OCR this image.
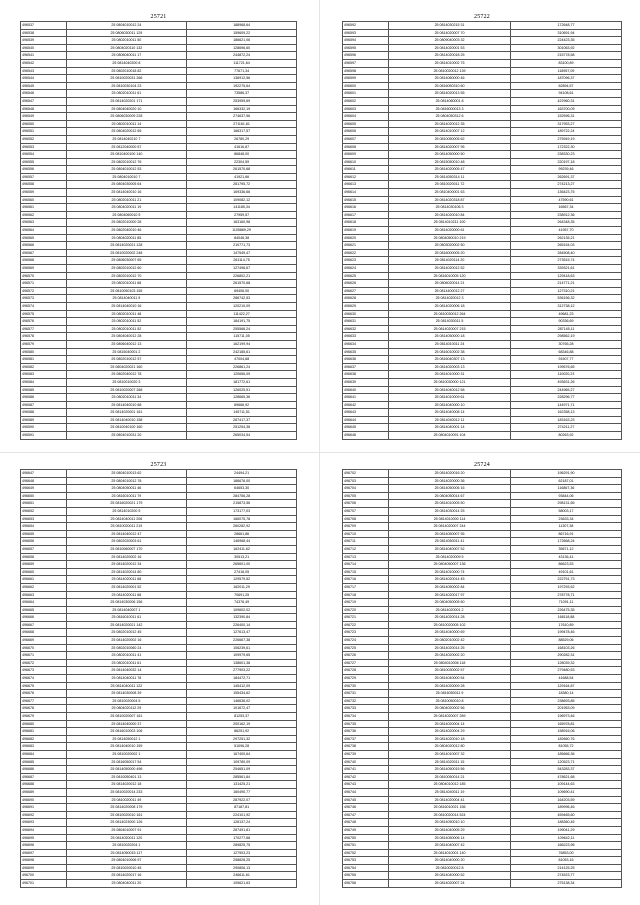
25721
496537	25 0804010012 24	188968,64
496538	25 0806030011 129	159609,22
496539	25 0802010011 50	186621,06
496540	25 0804020110 132	128696,60
496541	25 0806040011 17	244872,24
496542	25 0814040200 8	111721,64
496543	25 0802010018 82	77671,34
496544	25 0810020031 266	136912,56
496545	25 0810030104 23	192275,64
496546	25 0802010011 61	73586,37
496547	25 0814020201 171	253959,69
496548	25 0804040020 10	166332,19
496549	25 0806030009 228	274637,56
496550	25 0802010011 14	271161,61
496551	25 0804020012 65	166317,57
496552	25 0814040210 7	26780,29
496553	25 0812040000 57	41616,87
496554	25 0810400100 140	86848,00
496555	25 0802010012 76	22304,59
496556	25 0804010012 53	261570,68
496557	25 0804010010 7	41921,66
496558	25 0804030005 64	281795,72
496559	25 0814040010 16	169336,66
496560	25 0802010011 21	109082,12
496561	25 0804020011 19	141185,34
496562	25 0804060010 5	27959,57
496563	25 0802010000 28	163160,98
496564	25 0802040010 46	1105869,29
496565	25 0804020011 85	84046,38
496566	25 0814020021 128	210771,73
496567	25 0810020002 248	147549,47
496568	25 0806030007 65	261114,75
496569	25 0802010012 60	127496,67
496570	25 0802010012 70	226802,21
496571	25 0802010011 68	261570,68
496572	25 0810050103 155	69406,00
496573	25 0814040011 9	286742,53
496574	25 0814040010 16	120210,09
496575	25 0802010011 48	111422,27
496576	25 0802010011 52	184191,75
496577	25 0802010011 52	255568,24
496578	25 0804040012 28	115711,05
496579	25 0806040012 13	162199,94
496580	25 0815040001 2	242185,61
496581	25 0802010012 57	47004,68
496582	25 0804020021 160	226861,24
496583	25 0802040012 78	120656,09
496584	25 0810010020 3	181772,61
496585	25 0810020007 268	126025,51
496586	25 0802010011 34	128665,36
496587	25 0814040010 68	89666,92
496588	25 0814020001 161	145711,51
496589	25 0814040010 158	287417,37
496590	25 0810040100 160	251254,36
496591	25 0804010031 20	265034,54
25722
496592	25 0814030215 31	172648,77
496593	25 0814020007 70	310691,94
496594	25 0809040003 32	224423,35
496595	25 0814020001 53	301063,92
496596	25 0814020018 25	215778,58
496597	25 0814010002 75	83100,89
496598	25 0810020012 139	118957,09
496599	25 0814060000 46	187096,37
496600	25 0816050310 60	62894,57
496601	25 0814020013 55	94108,61
496602	25 0814060001 8	422960,31
496603	25 0816000013 3	163700,09
496604	25 0804050312 6	152596,31
496605	25 0814020012 35	317953,27
496606	25 0814010007 12	189722,24
496607	25 0810050005 62	275949,19
496608	25 0814020007 95	172322,30
496609	25 0814050000 50	238330,23
496610	25 0815050010 48	220197,18
496611	25 0814020005 47	99239,46
496612	25 0814050314 11	262691,37
496613	25 0810020011 72	274213,27
496614	25 0810400001 63	136423,75
496615	25 0814020318 87	47590,61
496616	25 0814030106 3	16567,34
496617	25 0814020010 84	238912,36
496618	25 0814010211 100	264348,35
496619	25 0814020000 61	41957,70
496620	25 0804050010 219	262135,21
496621	25 0803020002 50	265154,03
496622	25 0816000005 20	284508,40
496623	25 0814020114 20	273515,74
496624	25 0814020012 52	339321,61
496625	25 0816010005 120	129418,63
496626	25 0806020014 21	214771,21
496627	25 0814400012 27	127310,21
496628	25 0814020012 3	536156,32
496629	25 0814020006 18	312738,12
496630	25 0810030012 264	49681,23
496631	25 0814030011 5	90336,69
496632	25 0814020007 215	287145,11
496633	25 0814050000 18	298562,19
496634	25 0814010011 24	30765,28
496635	25 0816010002 38	68346,88
496636	25 0816040307 13	91507,77
496637	25 0814020003 13	199576,65
496638	25 0814010000 31	110020,23
496639	25 0810030000 121	493631,26
496640	25 0814040012 58	244965,27
496641	25 0814010009 61	228296,77
496642	25 0814040000 10	144971,71
496643	25 0814040008 14	162358,13
496644	25 0814040012 11	183163,23
496645	25 0814040001 14	274211,27
496646	25 0804010091 104	80263,92
25723
496647	25 0804010013 62	24494,21
496648	25 0804010012 78	186676,00
496649	25 0804050011 46	64653,30
496650	25 0816010011 79	284756,28
496651	25 0816020021 179	215873,56
496652	25 0814010200 5	173177,03
496653	25 0814040011 206	166075,78
496654	25 0810020011 219	260282,92
496655	25 0814040012 47	28661,86
496656	25 0802020003 61	146968,44
496657	25 0810060007 170	162411,62
496658	25 0814020002 16	30513,21
496659	25 0814020012 34	265601,00
496660	25 0814020014 80	27416,05
496661	25 0814020011 68	129579,52
496662	25 0814020001 52	162011,29
496663	25 0814020011 68	70691,25
496664	25 0814030006 156	74376,49
496665	25 0814040007 1	109602,02
496666	25 0816010011 61	132390,84
496667	25 0814020021 142	226400,14
496668	25 0802010012 45	127613,47
496669	25 0814020002 16	226667,38
496670	25 0802010060 24	106239,61
496671	25 0802010011 41	109979,65
496672	25 0802010011 61	138601,38
496673	25 0814040032 14	277903,22
496674	25 0814040011 78	184472,71
496675	25 0814040011 122	145412,09
496676	25 0814030008 39	155434,62
496677	25 0810020004 5	146636,02
496678	25 0804020112 29	101672,47
496679	25 0810020007 161	81253,37
496680	25 0814040000 37	200162,19
496681	25 0816010003 106	86251,92
496682	25 0814050012 1	297251,32
496683	25 0814040010 159	51096,28
496684	25 0810020002 1	167400,64
496685	25 0816050017 54	109780,09
496686	25 0814050000 496	254651,09
496687	25 0810050401 13	285561,84
496688	25 0814020012 18	131425,21
496689	25 0810020014 233	160490,77
496690	25 0810020011 49	287922,07
496691	25 0814020008 179	87187,81
496692	25 0810020010 161	224101,92
496693	25 0814023000 126	128137,24
496694	25 0804010007 91	287491,81
496695	25 0814020011 120	170277,68
496696	25 0810020204 1	289825,75
496697	25 0814050015 117	127903,23
496698	25 0804010006 97	258828,25
496699	25 0810020010 45	290806,13
496700	25 0814020017 16	246611,61
496701	25 0804040011 20	105621,63
25724
496702	25 0814020016 20	196291,90
496703	25 0814020000 36	62187,01
496704	25 0814050006 16	116867,36
496705	25 0804050014 67	93844,06
496706	25 0814010005 50	298131,65
496707	25 0814030014 25	58003,17
496708	25 0814010000 114	23633,34
496709	25 0814020007 244	11307,38
496710	25 0814050007 55	86716,91
496711	25 0814050011 41	172668,24
496712	25 0814040007 52	35671,12
496713	25 0814020009 5	43136,41
496714	25 0804050007 136	86623,53
496715	25 0814010000 74	49101,61
496716	25 0814020014 45	222751,73
496717	25 0814050002 84	197293,52
496718	25 0814020017 97	278778,71
496719	25 0804050005 60	71091,11
496720	25 0814020001 2	226475,35
496721	25 0814020014 28	168118,88
496722	25 0810020005 102	17610,89
496723	25 0814040000 69	199478,46
496724	25 0802010002 42	88529,06
496725	25 0814020014 25	168103,26
496726	25 0814020002 20	290282,31
496727	25 0804010006 118	128039,32
496728	25 0810030002 57	279480,53
496729	25 0814040000 54	41688,54
496730	25 0814020009 28	129164,87
496731	25 0816050011 9	18380,14
496732	25 0810050010 8	238693,85
496733	25 0804020002 56	201953,09
496734	25 0814020007 289	196973,46
496735	25 0814020004 14	165978,81
496736	25 0814020004 29	158916,06
496737	25 0814020010 18	182660,76
496738	25 0804020012 80	81055,72
496739	25 0814010007 32	185666,36
496740	25 0814020011 15	120523,71
496741	25 0814050015 56	543283,37
496742	25 0810050014 21	478621,68
496743	25 0804010012 185	109144,63
496744	25 0814040011 19	109690,41
496745	25 0814020004 41	164203,59
496746	25 0816010021 156	189996,46
496747	25 0810020014 524	459465,60
496748	25 0814050010 10	188360,45
496749	25 0814040005 29	199041,29
496750	25 0814050006 14	109642,11
496751	25 0814040007 42	166223,96
496752	25 0814010001 140	76853,00
496753	25 0814040000 20	81053,16
496754	25 0810020012 8	214125,25
496755	25 0814040000 52	274523,77
496756	25 0814020007 24	275138,34
